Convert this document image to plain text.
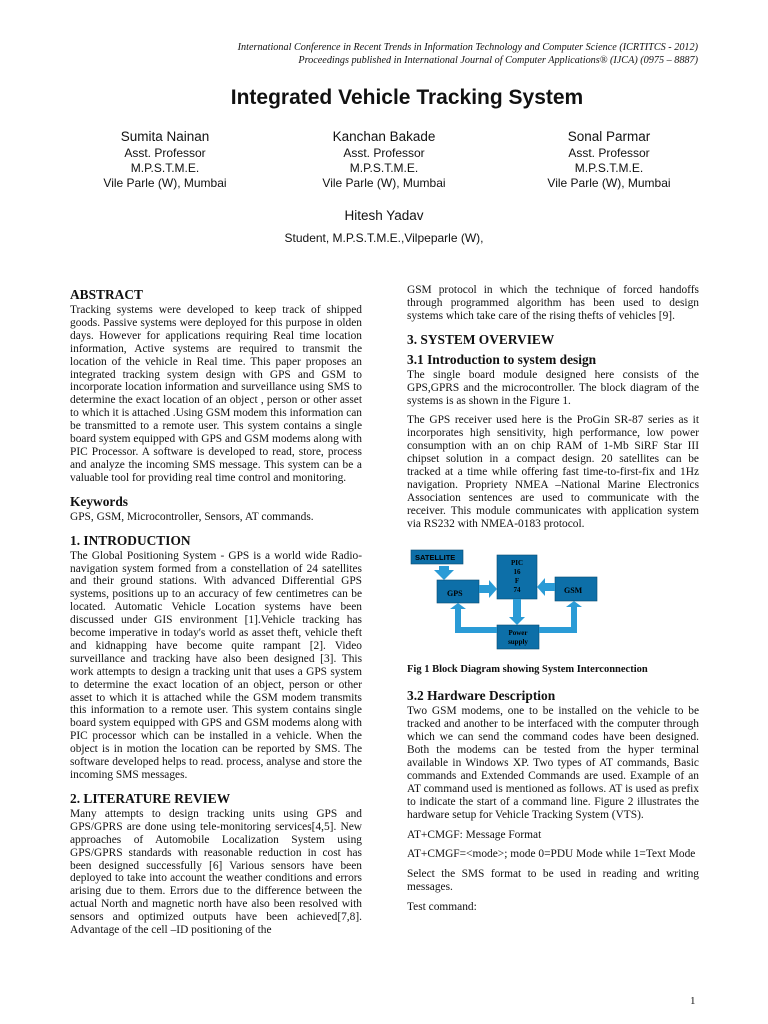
International Conference in Recent Trends in Information Technology and Computer Science (ICRTITCS - 2012)
Proceedings published in International Journal of Computer Applications® (IJCA) (0975 – 8887)
Integrated Vehicle Tracking System
Sumita Nainan
Asst. Professor
M.P.S.T.M.E.
Vile Parle (W), Mumbai
Kanchan Bakade
Asst. Professor
M.P.S.T.M.E.
Vile Parle (W), Mumbai
Sonal Parmar
Asst. Professor
M.P.S.T.M.E.
Vile Parle (W), Mumbai
Hitesh Yadav
Student, M.P.S.T.M.E.,Vilpeparle (W),
ABSTRACT

Tracking systems were developed to keep track of shipped goods. Passive systems were deployed for this purpose in olden days. However for applications requiring Real time location information, Active systems are required to transmit the location of the vehicle in Real time. This paper proposes an integrated tracking system design with GPS and GSM to incorporate location information and surveillance using SMS to determine the exact location of an object , person or other asset to which it is attached .Using GSM modem this information can be transmitted to a remote user. This system contains a single board system equipped with GPS and GSM modems along with PIC Processor. A software is developed to read, store, process and analyze the incoming SMS message. This system can be a valuable tool for providing real time control and monitoring.

Keywords

GPS, GSM, Microcontroller, Sensors, AT commands.

1. INTRODUCTION

The Global Positioning System - GPS is a world wide Radio-navigation system formed from a constellation of 24 satellites and their ground stations. With advanced Differential GPS systems, positions up to an accuracy of few centimetres can be located. Automatic Vehicle Location systems have been discussed under GIS environment [1].Vehicle tracking has become imperative in today's world as asset theft, vehicle theft and kidnapping have become quite rampant [2]. Video surveillance and tracking have also been designed [3]. This work attempts to design a tracking unit that uses a GPS system to determine the exact location of an object, person or other asset to which it is attached while the GSM modem transmits this information to a remote user. This system contains single board system equipped with GPS and GSM modems along with PIC processor which can be installed in a vehicle. When the object is in motion the location can be reported by SMS. The software developed helps to read. process, analyse and store the incoming SMS messages.

2. LITERATURE REVIEW

Many attempts to design tracking units using GPS and GPS/GPRS are done using tele-monitoring services[4,5]. New approaches of Automobile Localization System using GPS/GPRS standards with reasonable reduction in cost has been designed successfully [6] Various sensors have been deployed to take into account the weather conditions and errors arising due to them. Errors due to the difference between the actual North and magnetic north have also been resolved with sensors and optimized outputs have been achieved[7,8]. Advantage of the cell –ID positioning of the

GSM protocol in which the technique of forced handoffs through programmed algorithm has been used to design systems which take care of the rising thefts of vehicles [9].

3. SYSTEM OVERVIEW
3.1 Introduction to system design

The single board module designed here consists of the GPS,GPRS and the microcontroller. The block diagram of the systems is as shown in the Figure 1.

The GPS receiver used here is the ProGin SR-87 series as it incorporates high sensitivity, high performance, low power consumption with an on chip RAM of 1-Mb SiRF Star III chipset solution in a compact design. 20 satellites can be tracked at a time while offering fast time-to-first-fix and 1Hz navigation. Propriety NMEA –National Marine Electronics Association sentences are used to communicate with the receiver. This module communicates with application system via RS232 with NMEA-0183 protocol.

SATELLITE
GPS
PIC
16
F
74	GSM
Power
supply

Fig 1 Block Diagram showing System Interconnection

3.2 Hardware Description

Two GSM modems, one to be installed on the vehicle to be tracked and another to be interfaced with the computer through which we can send the command codes have been designed. Both the modems can be tested from the hyper terminal available in Windows XP. Two types of AT commands, Basic commands and Extended Commands are used. Example of an AT command used is mentioned as follows. AT is used as prefix to indicate the start of a command line. Figure 2 illustrates the hardware setup for Vehicle Tracking System (VTS).

AT+CMGF: Message Format

AT+CMGF=<mode>; mode 0=PDU Mode while 1=Text Mode

Select the SMS format to be used in reading and writing messages.

Test command:

1
